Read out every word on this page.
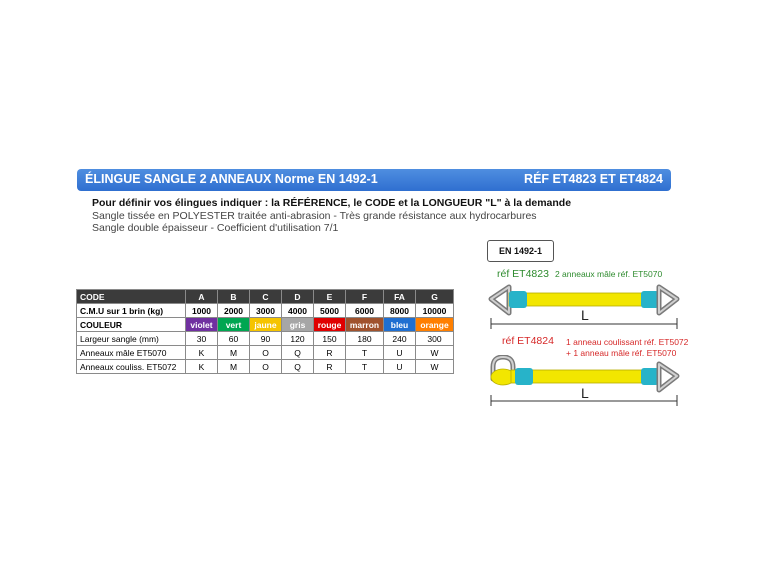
ÉLINGUE SANGLE 2 ANNEAUX Norme EN 1492-1	RÉF ET4823 ET ET4824
Pour définir vos élingues indiquer : la RÉFÉRENCE, le CODE et la LONGUEUR "L" à la demande
Sangle tissée en POLYESTER traitée anti-abrasion - Très grande résistance aux hydrocarbures
Sangle double épaisseur - Coefficient d'utilisation 7/1
CODE	A	B	C	D	E	F	FA	G
C.M.U sur 1 brin (kg)	1000	2000	3000	4000	5000	6000	8000	10000
COULEUR	violet	vert	jaune	gris	rouge	marron	bleu	orange
Largeur sangle (mm)	30	60	90	120	150	180	240	300
Anneaux mâle ET5070	K	M	O	Q	R	T	U	W
Anneaux couliss. ET5072	K	M	O	Q	R	T	U	W
EN 1492-1
réf ET4823 2 anneaux mâle réf. ET5070
L
réf ET4824 1 anneau coulissant réf. ET5072
+ 1 anneau mâle réf. ET5070
L
